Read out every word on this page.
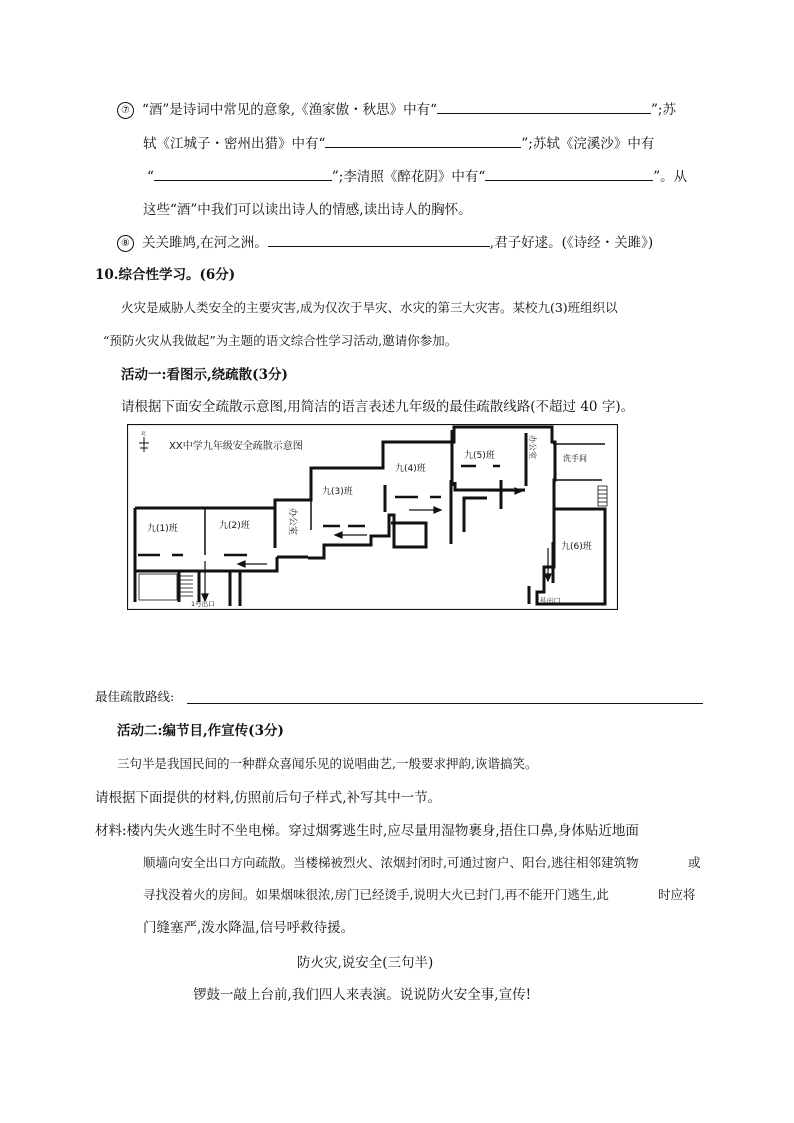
⑦ “酒”是诗词中常见的意象,《渔家傲・秋思》中有“	”;苏
轼《江城子・密州出猎》中有“	”;苏轼《浣溪沙》中有
“	”;李清照《醉花阴》中有“	”。从
这些“酒”中我们可以读出诗人的情感,读出诗人的胸怀。
⑧ 关关雎鸠,在河之洲。	,君子好逑。(《诗经・关雎》)
10.综合性学习。(6分)
火灾是威胁人类安全的主要灾害,成为仅次于旱灾、水灾的第三大灾害。某校九(3)班组织以
“预防火灾从我做起”为主题的语文综合性学习活动,邀请你参加。
活动一:看图示,绕疏散(3分)
请根据下面安全疏散示意图,用简洁的语言表述九年级的最佳疏散线路(不超过 40 字)。
北
XX中学九年级安全疏散示意图
九(1)班	九(2)班	办公室
九(3)班
九(4)班
九(5)班	办公室	洗手间
九(6)班
1号出口	2号出口
最佳疏散路线:
活动二:编节目,作宣传(3分)
三句半是我国民间的一种群众喜闻乐见的说唱曲艺,一般要求押韵,诙谐搞笑。
请根据下面提供的材料,仿照前后句子样式,补写其中一节。
材料:楼内失火逃生时不坐电梯。穿过烟雾逃生时,应尽量用湿物裹身,捂住口鼻,身体贴近地面
顺墙向安全出口方向疏散。当楼梯被烈火、浓烟封闭时,可通过窗户、阳台,逃往相邻建筑物	或
寻找没着火的房间。如果烟味很浓,房门已经烫手,说明大火已封门,再不能开门逃生,此	时应将
门缝塞严,泼水降温,信号呼救待援。
防火灾,说安全(三句半)
锣鼓一敲上台前,我们四人来表演。说说防火安全事,宣传!
